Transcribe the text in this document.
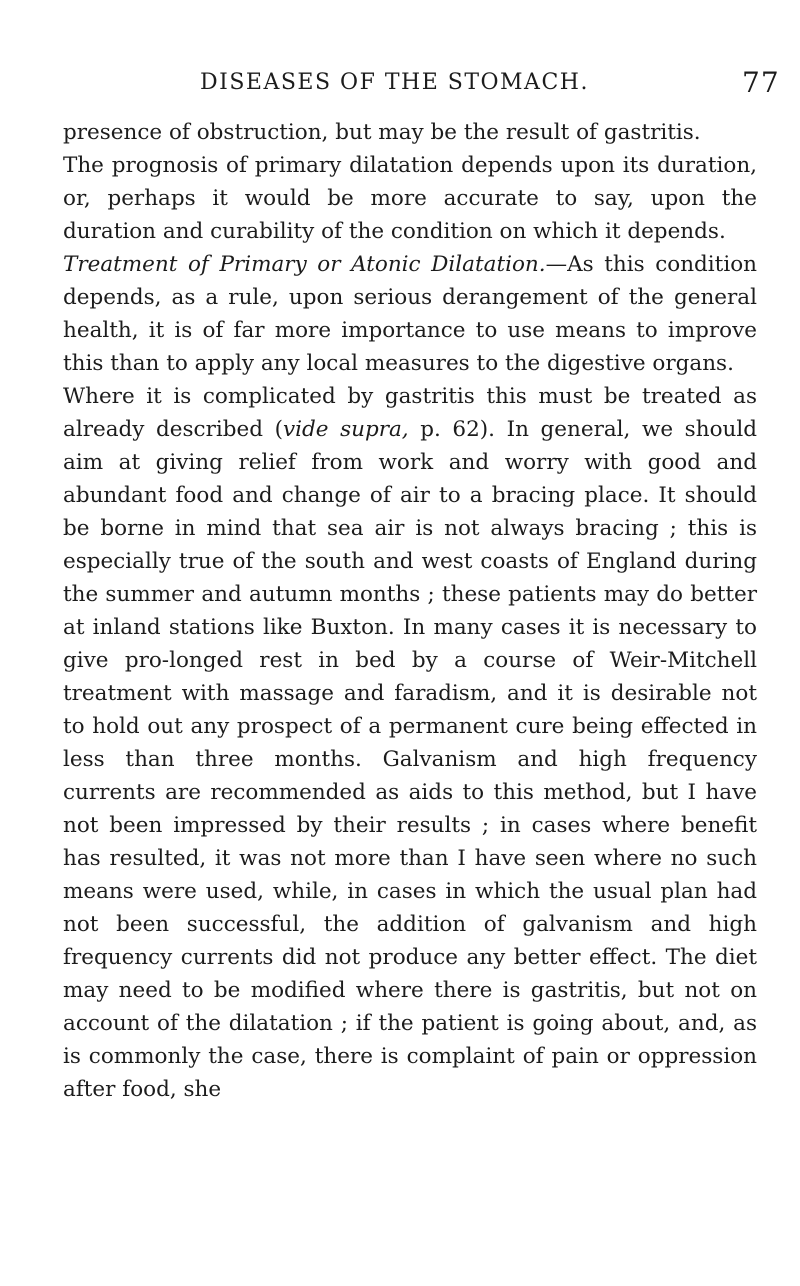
DISEASES OF THE STOMACH.	77

presence of obstruction, but may be the result of gastritis.

The prognosis of primary dilatation depends upon its duration, or, perhaps it would be more accurate to say, upon the duration and curability of the condition on which it depends.

Treatment of Primary or Atonic Dilatation.—As this condition depends, as a rule, upon serious derangement of the general health, it is of far more importance to use means to improve this than to apply any local measures to the digestive organs.

Where it is complicated by gastritis this must be treated as already described (vide supra, p. 62). In general, we should aim at giving relief from work and worry with good and abundant food and change of air to a bracing place. It should be borne in mind that sea air is not always bracing ; this is especially true of the south and west coasts of England during the summer and autumn months ; these patients may do better at inland stations like Buxton. In many cases it is necessary to give pro-longed rest in bed by a course of Weir-Mitchell treatment with massage and faradism, and it is desirable not to hold out any prospect of a permanent cure being effected in less than three months. Galvanism and high frequency currents are recommended as aids to this method, but I have not been impressed by their results ; in cases where benefit has resulted, it was not more than I have seen where no such means were used, while, in cases in which the usual plan had not been successful, the addition of galvanism and high frequency currents did not produce any better effect. The diet may need to be modified where there is gastritis, but not on account of the dilatation ; if the patient is going about, and, as is commonly the case, there is complaint of pain or oppression after food, she
